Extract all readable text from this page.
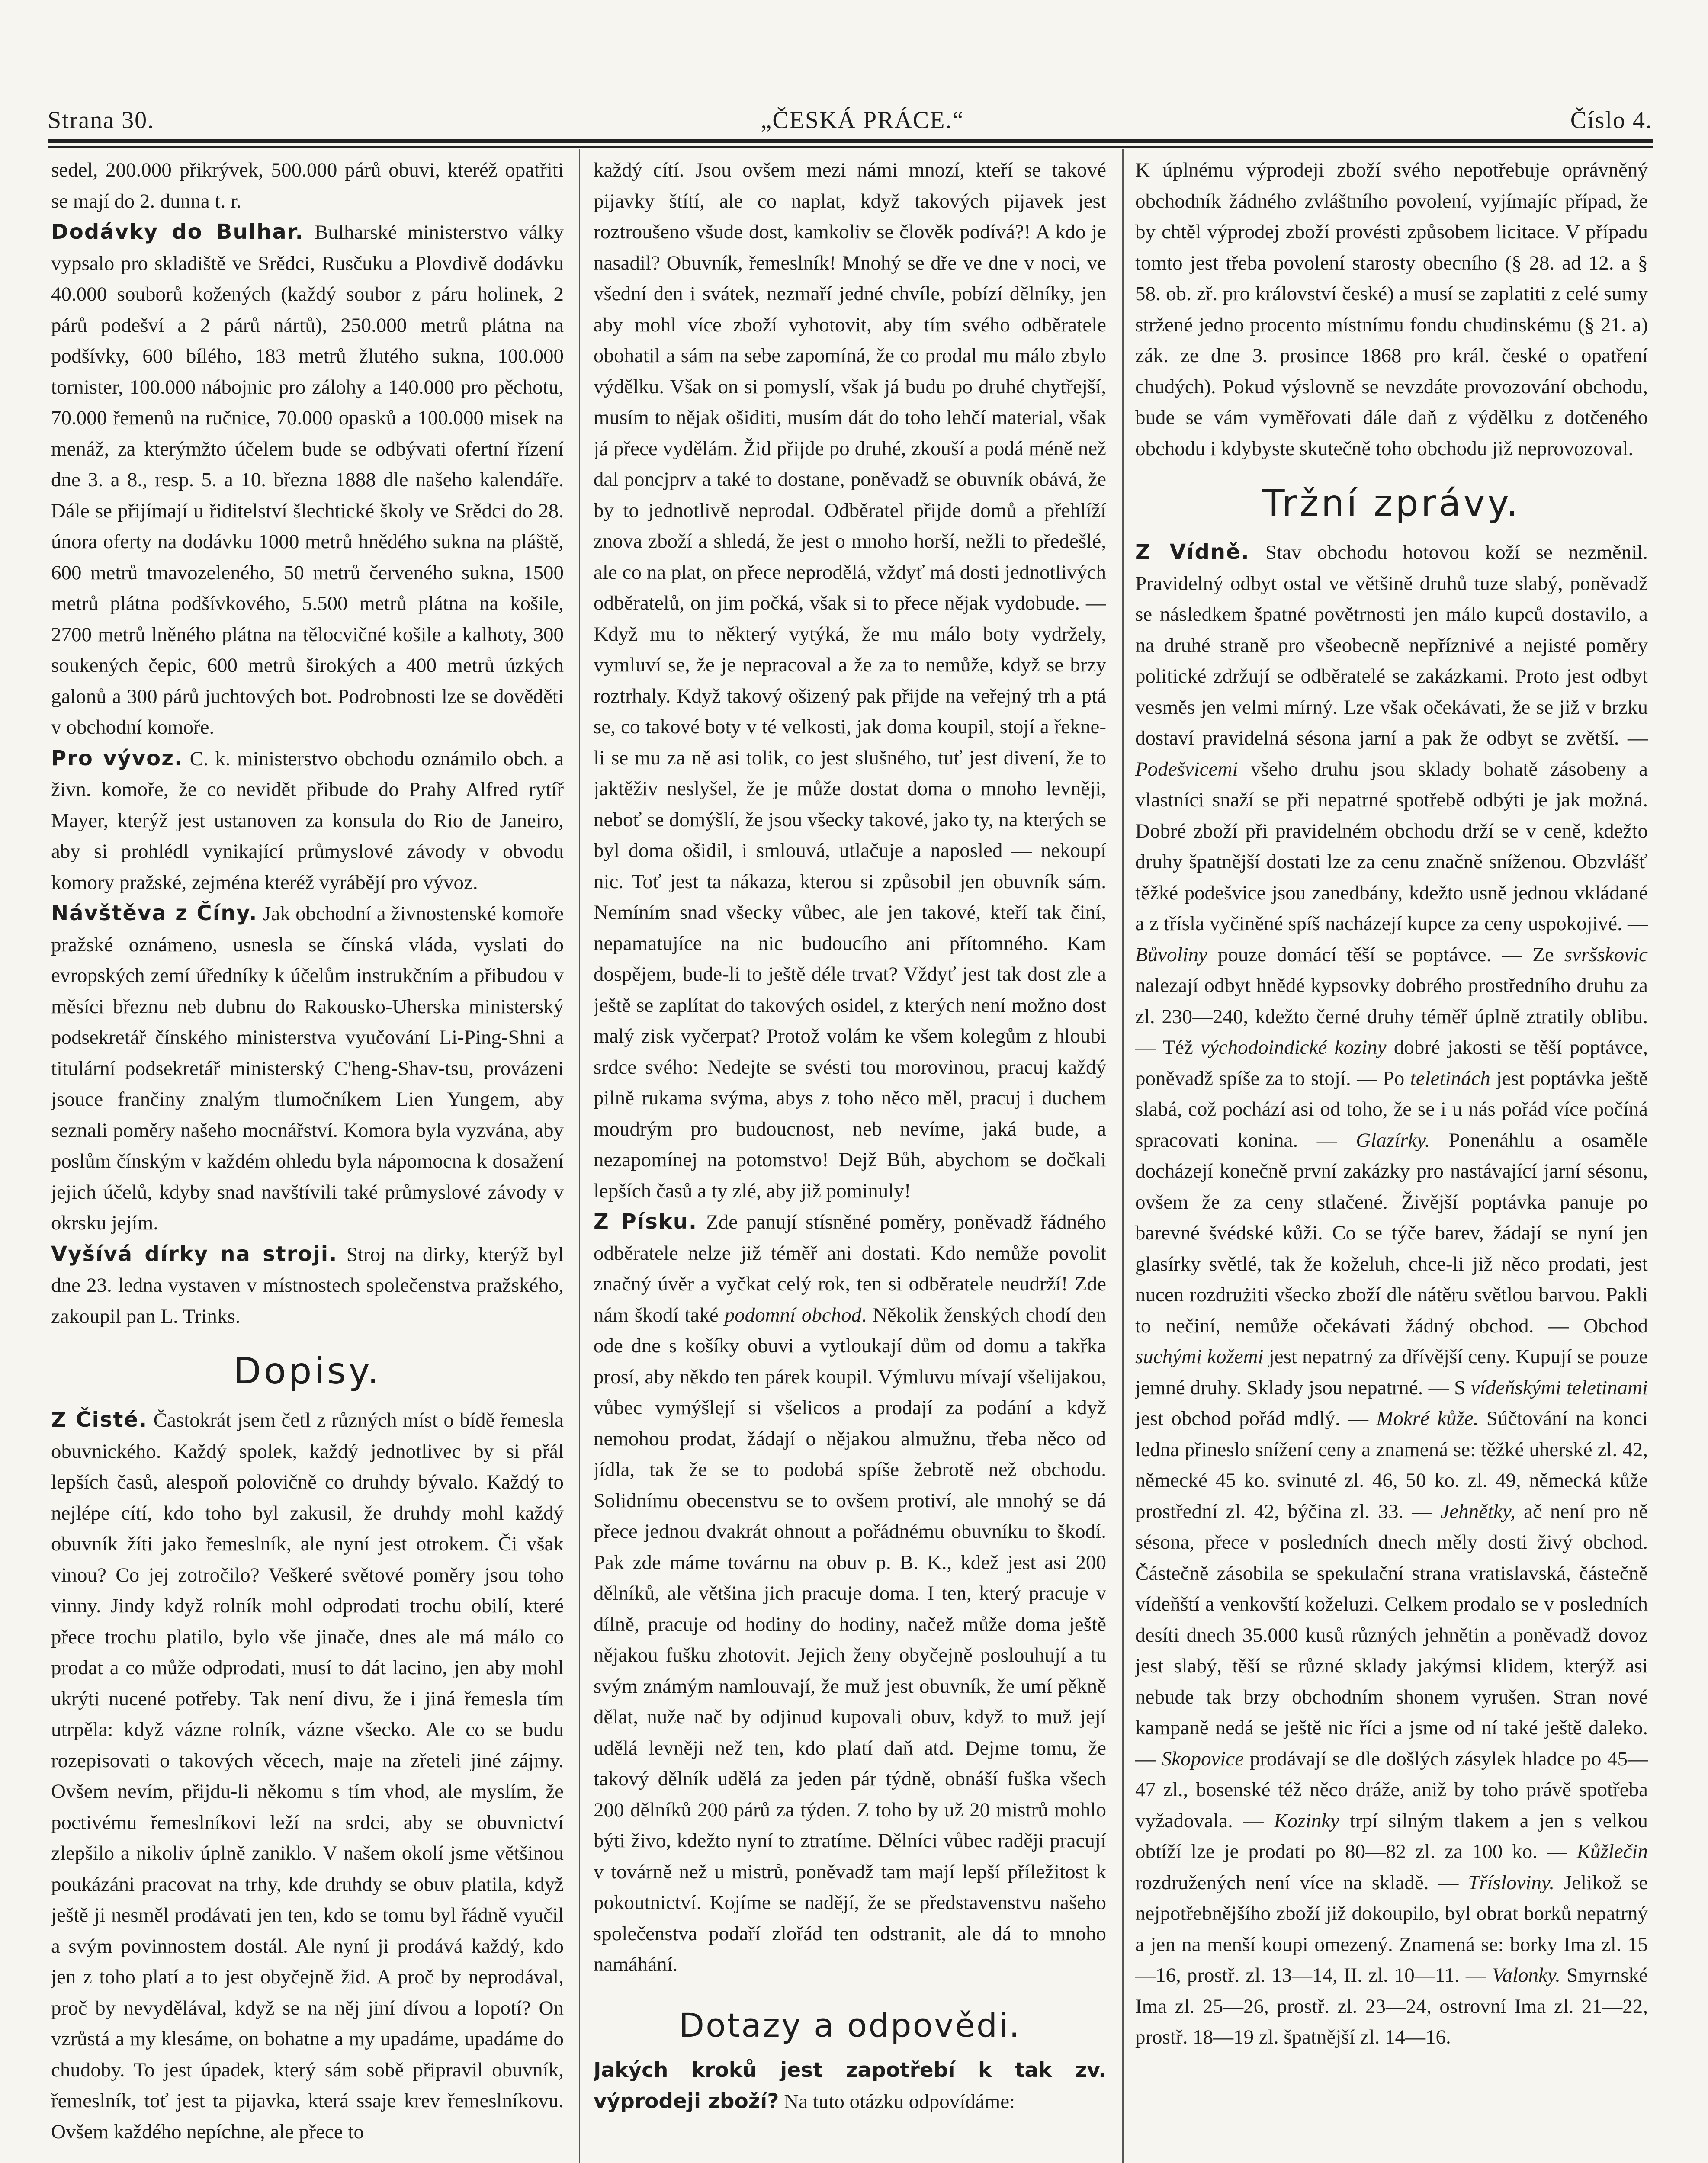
Strana 30.	„ČESKÁ PRÁCE.“	Číslo 4.

sedel, 200.000 přikrývek, 500.000 párů obuvi, kteréž opatřiti se mají do 2. dunna t. r.

Dodávky do Bulhar. Bulharské ministerstvo války vypsalo pro skladiště ve Srědci, Rusčuku a Plovdivě dodávku 40.000 souborů kožených (každý soubor z páru holinek, 2 párů podešví a 2 párů nártů), 250.000 metrů plátna na podšívky, 600 bílého, 183 metrů žlutého sukna, 100.000 tornister, 100.000 nábojnic pro zálohy a 140.000 pro pěchotu, 70.000 řemenů na ručnice, 70.000 opasků a 100.000 misek na menáž, za kterýmžto účelem bude se odbývati ofertní řízení dne 3. a 8., resp. 5. a 10. března 1888 dle našeho kalendáře. Dále se přijímají u řiditelství šlechtické školy ve Srědci do 28. února oferty na dodávku 1000 metrů hnědého sukna na pláště, 600 metrů tmavozeleného, 50 metrů červeného sukna, 1500 metrů plátna podšívkového, 5.500 metrů plátna na košile, 2700 metrů lněného plátna na tělocvičné košile a kalhoty, 300 soukených čepic, 600 metrů širokých a 400 metrů úzkých galonů a 300 párů juchtových bot. Podrobnosti lze se dověděti v obchodní komoře.

Pro vývoz. C. k. ministerstvo obchodu oznámilo obch. a živn. komoře, že co nevidět přibude do Prahy Alfred rytíř Mayer, kterýž jest ustanoven za konsula do Rio de Janeiro, aby si prohlédl vynikající průmyslové závody v obvodu komory pražské, zejména kteréž vyrábějí pro vývoz.

Návštěva z Číny. Jak obchodní a živnostenské komoře pražské oznámeno, usnesla se čínská vláda, vyslati do evropských zemí úředníky k účelům instrukčním a přibudou v měsíci březnu neb dubnu do Rakousko-Uherska ministerský podsekretář čínského ministerstva vyučování Li-Ping-Shni a titulární podsekretář ministerský C'heng-Shav-tsu, provázeni jsouce frančiny znalým tlumočníkem Lien Yungem, aby seznali poměry našeho mocnářství. Komora byla vyzvána, aby poslům čínským v každém ohledu byla nápomocna k dosažení jejich účelů, kdyby snad navštívili také průmyslové závody v okrsku jejím.

Vyšívá dírky na stroji. Stroj na dirky, kterýž byl dne 23. ledna vystaven v místnostech společenstva pražského, zakoupil pan L. Trinks.

Dopisy.

Z Čisté. Častokrát jsem četl z různých míst o bídě řemesla obuvnického. Každý spolek, každý jednotlivec by si přál lepších časů, alespoň polovičně co druhdy bývalo. Každý to nejlépe cítí, kdo toho byl zakusil, že druhdy mohl každý obuvník žíti jako řemeslník, ale nyní jest otrokem. Či však vinou? Co jej zotročilo? Veškeré světové poměry jsou toho vinny. Jindy když rolník mohl odprodati trochu obilí, které přece trochu platilo, bylo vše jinače, dnes ale má málo co prodat a co může odprodati, musí to dát lacino, jen aby mohl ukrýti nucené potřeby. Tak není divu, že i jiná řemesla tím utrpěla: když vázne rolník, vázne všecko. Ale co se budu rozepisovati o takových věcech, maje na zřeteli jiné zájmy. Ovšem nevím, přijdu-li někomu s tím vhod, ale myslím, že poctivému řemeslníkovi leží na srdci, aby se obuvnictví zlepšilo a nikoliv úplně zaniklo. V našem okolí jsme většinou poukázáni pracovat na trhy, kde druhdy se obuv platila, když ještě ji nesměl prodávati jen ten, kdo se tomu byl řádně vyučil a svým povinnostem dostál. Ale nyní ji prodává každý, kdo jen z toho platí a to jest obyčejně žid. A proč by neprodával, proč by nevydělával, když se na něj jiní dívou a lopotí? On vzrůstá a my klesáme, on bohatne a my upadáme, upadáme do chudoby. To jest úpadek, který sám sobě připravil obuvník, řemeslník, toť jest ta pijavka, která ssaje krev řemeslníkovu. Ovšem každého nepíchne, ale přece to

každý cítí. Jsou ovšem mezi námi mnozí, kteří se takové pijavky štítí, ale co naplat, když takových pijavek jest roztroušeno všude dost, kamkoliv se člověk podívá?! A kdo je nasadil? Obuvník, řemeslník! Mnohý se dře ve dne v noci, ve všední den i svátek, nezmaří jedné chvíle, pobízí dělníky, jen aby mohl více zboží vyhotovit, aby tím svého odběratele obohatil a sám na sebe zapomíná, že co prodal mu málo zbylo výdělku. Však on si pomyslí, však já budu po druhé chytřejší, musím to nějak ošiditi, musím dát do toho lehčí material, však já přece vydělám. Žid přijde po druhé, zkouší a podá méně než dal poncjprv a také to dostane, poněvadž se obuvník obává, že by to jednotlivě neprodal. Odběratel přijde domů a přehlíží znova zboží a shledá, že jest o mnoho horší, nežli to předešlé, ale co na plat, on přece neprodělá, vždyť má dosti jednotlivých odběratelů, on jim počká, však si to přece nějak vydobude. — Když mu to některý vytýká, že mu málo boty vydržely, vymluví se, že je nepracoval a že za to nemůže, když se brzy roztrhaly. Když takový ošizený pak přijde na veřejný trh a ptá se, co takové boty v té velkosti, jak doma koupil, stojí a řekne-li se mu za ně asi tolik, co jest slušného, tuť jest divení, že to jaktěživ neslyšel, že je může dostat doma o mnoho levněji, neboť se domýšlí, že jsou všecky takové, jako ty, na kterých se byl doma ošidil, i smlouvá, utlačuje a naposled — nekoupí nic. Toť jest ta nákaza, kterou si způsobil jen obuvník sám. Nemíním snad všecky vůbec, ale jen takové, kteří tak činí, nepamatujíce na nic budoucího ani přítomného. Kam dospějem, bude-li to ještě déle trvat? Vždyť jest tak dost zle a ještě se zaplítat do takových osidel, z kterých není možno dost malý zisk vyčerpat? Protož volám ke všem kolegům z hloubi srdce svého: Nedejte se svésti tou morovinou, pracuj každý pilně rukama svýma, abys z toho něco měl, pracuj i duchem moudrým pro budoucnost, neb nevíme, jaká bude, a nezapomínej na potomstvo! Dejž Bůh, abychom se dočkali lepších časů a ty zlé, aby již pominuly!

Z Písku. Zde panují stísněné poměry, poněvadž řádného odběratele nelze již téměř ani dostati. Kdo nemůže povolit značný úvěr a vyčkat celý rok, ten si odběratele neudrží! Zde nám škodí také podomní obchod. Několik ženských chodí den ode dne s košíky obuvi a vytloukají dům od domu a takřka prosí, aby někdo ten párek koupil. Výmluvu mívají všelijakou, vůbec vymýšlejí si všelicos a prodají za podání a když nemohou prodat, žádají o nějakou almužnu, třeba něco od jídla, tak že se to podobá spíše žebrotě než obchodu. Solidnímu obecenstvu se to ovšem protiví, ale mnohý se dá přece jednou dvakrát ohnout a pořádnému obuvníku to škodí. Pak zde máme továrnu na obuv p. B. K., kdež jest asi 200 dělníků, ale většina jich pracuje doma. I ten, který pracuje v dílně, pracuje od hodiny do hodiny, načež může doma ještě nějakou fušku zhotovit. Jejich ženy obyčejně poslouhují a tu svým známým namlouvají, že muž jest obuvník, že umí pěkně dělat, nuže nač by odjinud kupovali obuv, když to muž její udělá levněji než ten, kdo platí daň atd. Dejme tomu, že takový dělník udělá za jeden pár týdně, obnáší fuška všech 200 dělníků 200 párů za týden. Z toho by už 20 mistrů mohlo býti živo, kdežto nyní to ztratíme. Dělníci vůbec raději pracují v továrně než u mistrů, poněvadž tam mají lepší příležitost k pokoutnictví. Kojíme se nadějí, že se představenstvu našeho společenstva podaří zlořád ten odstranit, ale dá to mnoho namáhání.

Dotazy a odpovědi.

Jakých kroků jest zapotřebí k tak zv. výprodeji zboží? Na tuto otázku odpovídáme:

K úplnému výprodeji zboží svého nepotřebuje oprávněný obchodník žádného zvláštního povolení, vyjímajíc případ, že by chtěl výprodej zboží provésti způsobem licitace. V případu tomto jest třeba povolení starosty obecního (§ 28. ad 12. a § 58. ob. zř. pro království české) a musí se zaplatiti z celé sumy stržené jedno procento místnímu fondu chudinskému (§ 21. a) zák. ze dne 3. prosince 1868 pro král. české o opatření chudých). Pokud výslovně se nevzdáte provozování obchodu, bude se vám vyměřovati dále daň z výdělku z dotčeného obchodu i kdybyste skutečně toho obchodu již neprovozoval.

Tržní zprávy.

Z Vídně. Stav obchodu hotovou koží se nezměnil. Pravidelný odbyt ostal ve většině druhů tuze slabý, poněvadž se následkem špatné povětrnosti jen málo kupců dostavilo, a na druhé straně pro všeobecně nepříznivé a nejisté poměry politické zdržují se odběratelé se zakázkami. Proto jest odbyt vesměs jen velmi mírný. Lze však očekávati, že se již v brzku dostaví pravidelná sésona jarní a pak že odbyt se zvětší. — Podešvicemi všeho druhu jsou sklady bohatě zásobeny a vlastníci snaží se při nepatrné spotřebě odbýti je jak možná. Dobré zboží při pravidelném obchodu drží se v ceně, kdežto druhy špatnější dostati lze za cenu značně sníženou. Obzvlášť těžké podešvice jsou zanedbány, kdežto usně jednou vkládané a z třísla vyčiněné spíš nacházejí kupce za ceny uspokojivé. — Bůvoliny pouze domácí těší se poptávce. — Ze svršskovic nalezají odbyt hnědé kypsovky dobrého prostředního druhu za zl. 230—240, kdežto černé druhy téměř úplně ztratily oblibu. — Též východoindické koziny dobré jakosti se těší poptávce, poněvadž spíše za to stojí. — Po teletinách jest poptávka ještě slabá, což pochází asi od toho, že se i u nás pořád více počíná spracovati konina. — Glazírky. Ponenáhlu a osaměle docházejí konečně první zakázky pro nastávající jarní sésonu, ovšem že za ceny stlačené. Živější poptávka panuje po barevné švédské kůži. Co se týče barev, žádají se nyní jen glasírky světlé, tak že koželuh, chce-li již něco prodati, jest nucen rozdrużiti všecko zboží dle nátěru světlou barvou. Pakli to nečiní, nemůže očekávati žádný obchod. — Obchod suchými kožemi jest nepatrný za dřívější ceny. Kupují se pouze jemné druhy. Sklady jsou nepatrné. — S vídeňskými teletinami jest obchod pořád mdlý. — Mokré kůže. Súčtování na konci ledna přineslo snížení ceny a znamená se: těžké uherské zl. 42, německé 45 ko. svinuté zl. 46, 50 ko. zl. 49, německá kůže prostřední zl. 42, býčina zl. 33. — Jehnětky, ač není pro ně sésona, přece v posledních dnech měly dosti živý obchod. Částečně zásobila se spekulační strana vratislavská, částečně vídeňští a venkovští koželuzi. Celkem prodalo se v posledních desíti dnech 35.000 kusů různých jehnětin a poněvadž dovoz jest slabý, těší se různé sklady jakýmsi klidem, kterýž asi nebude tak brzy obchodním shonem vyrušen. Stran nové kampaně nedá se ještě nic říci a jsme od ní také ještě daleko. — Skopovice prodávají se dle došlých zásylek hladce po 45—47 zl., bosenské též něco dráže, aniž by toho právě spotřeba vyžadovala. — Kozinky trpí silným tlakem a jen s velkou obtíží lze je prodati po 80—82 zl. za 100 ko. — Kůžlečin rozdružených není více na skladě. — Třísloviny. Jelikož se nejpotřebnějšího zboží již dokoupilo, byl obrat borků nepatrný a jen na menší koupi omezený. Znamená se: borky Ima zl. 15—16, prostř. zl. 13—14, II. zl. 10—11. — Valonky. Smyrnské Ima zl. 25—26, prostř. zl. 23—24, ostrovní Ima zl. 21—22, prostř. 18—19 zl. špatnější zl. 14—16.
